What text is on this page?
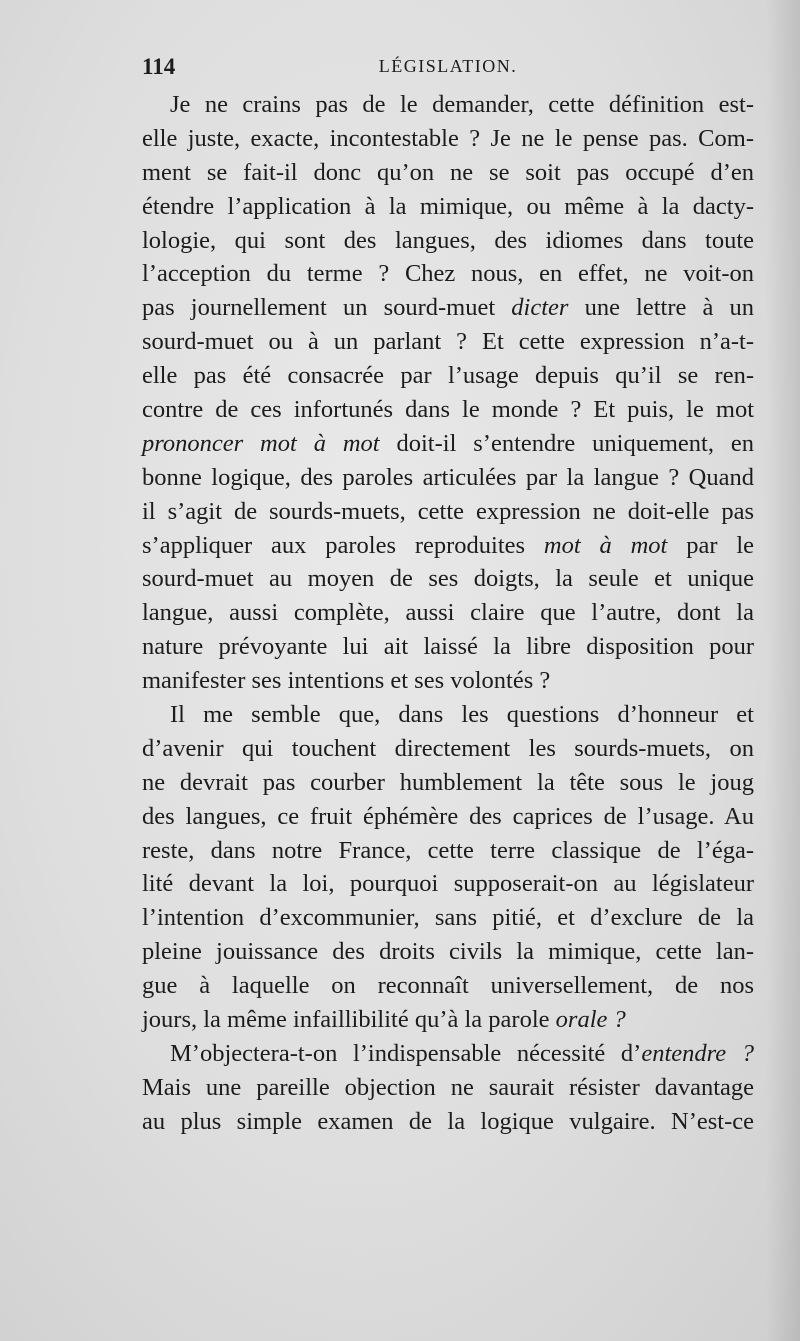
114	LÉGISLATION.
Je ne crains pas de le demander, cette définition est-
elle juste, exacte, incontestable ? Je ne le pense pas. Com-
ment se fait-il donc qu’on ne se soit pas occupé d’en
étendre l’application à la mimique, ou même à la dacty-
lologie, qui sont des langues, des idiomes dans toute
l’acception du terme ? Chez nous, en effet, ne voit-on
pas journellement un sourd-muet dicter une lettre à un
sourd-muet ou à un parlant ? Et cette expression n’a-t-
elle pas été consacrée par l’usage depuis qu’il se ren-
contre de ces infortunés dans le monde ? Et puis, le mot
prononcer mot à mot doit-il s’entendre uniquement, en
bonne logique, des paroles articulées par la langue ? Quand
il s’agit de sourds-muets, cette expression ne doit-elle pas
s’appliquer aux paroles reproduites mot à mot par le
sourd-muet au moyen de ses doigts, la seule et unique
langue, aussi complète, aussi claire que l’autre, dont la
nature prévoyante lui ait laissé la libre disposition pour
manifester ses intentions et ses volontés ?
Il me semble que, dans les questions d’honneur et
d’avenir qui touchent directement les sourds-muets, on
ne devrait pas courber humblement la tête sous le joug
des langues, ce fruit éphémère des caprices de l’usage. Au
reste, dans notre France, cette terre classique de l’éga-
lité devant la loi, pourquoi supposerait-on au législateur
l’intention d’excommunier, sans pitié, et d’exclure de la
pleine jouissance des droits civils la mimique, cette lan-
gue à laquelle on reconnaît universellement, de nos
jours, la même infaillibilité qu’à la parole orale ?
M’objectera-t-on l’indispensable nécessité d’entendre ?
Mais une pareille objection ne saurait résister davantage
au plus simple examen de la logique vulgaire. N’est-ce
